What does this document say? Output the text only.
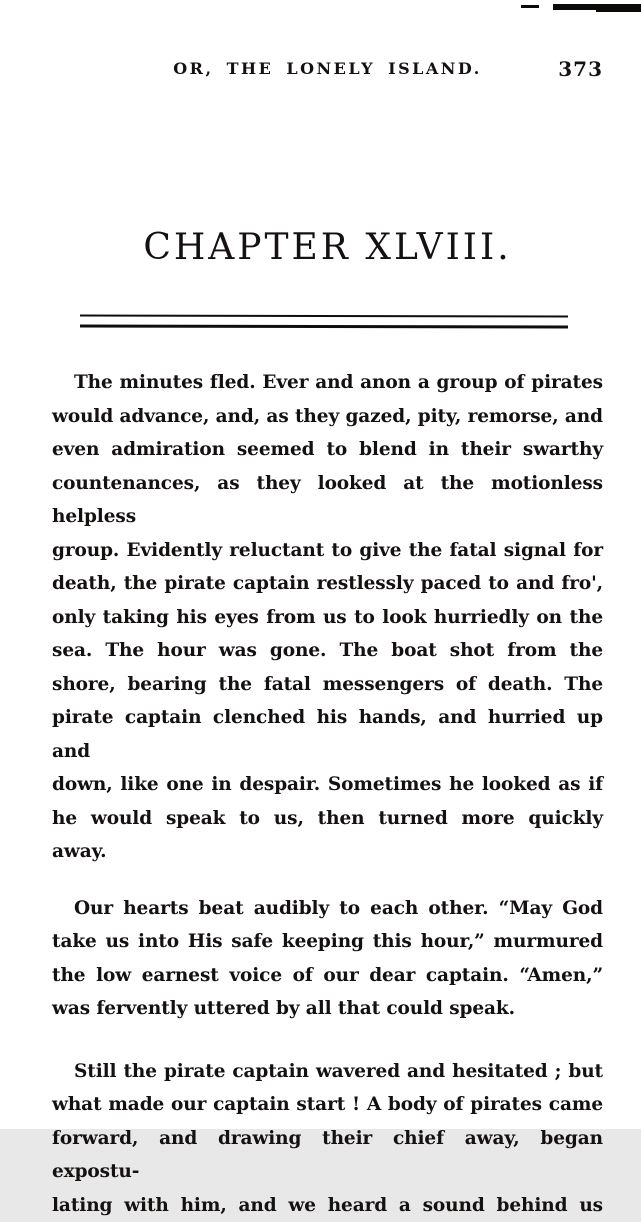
OR, THE LONELY ISLAND.	373
CHAPTER XLVIII.
The minutes fled. Ever and anon a group of pirates
would advance, and, as they gazed, pity, remorse, and
even admiration seemed to blend in their swarthy
countenances, as they looked at the motionless helpless
group. Evidently reluctant to give the fatal signal for
death, the pirate captain restlessly paced to and fro',
only taking his eyes from us to look hurriedly on the
sea. The hour was gone. The boat shot from the
shore, bearing the fatal messengers of death. The
pirate captain clenched his hands, and hurried up and
down, like one in despair. Sometimes he looked as if
he would speak to us, then turned more quickly away.
Our hearts beat audibly to each other. “May God
take us into His safe keeping this hour,” murmured
the low earnest voice of our dear captain. “Amen,”
was fervently uttered by all that could speak.
Still the pirate captain wavered and hesitated ; but
what made our captain start ! A body of pirates came
forward, and drawing their chief away, began expostu-
lating with him, and we heard a sound behind us
